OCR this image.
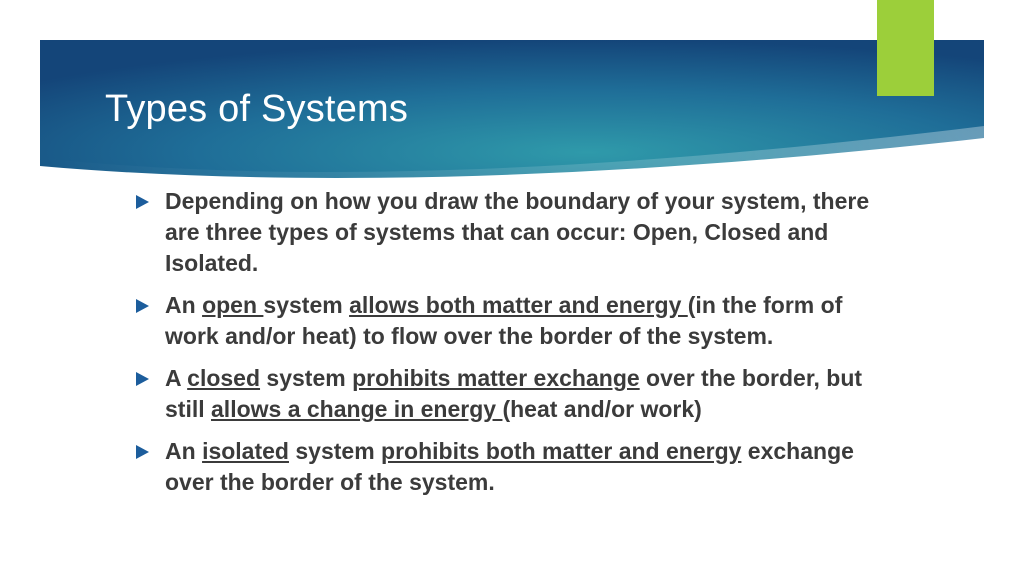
Types of Systems
Depending on how you draw the boundary of your system, there are three types of systems that can occur: Open, Closed and Isolated.
An open system allows both matter and energy (in the form of work and/or heat) to flow over the border of the system.
A closed system prohibits matter exchange over the border, but still allows a change in energy (heat and/or work)
An isolated system prohibits both matter and energy exchange over the border of the system.
